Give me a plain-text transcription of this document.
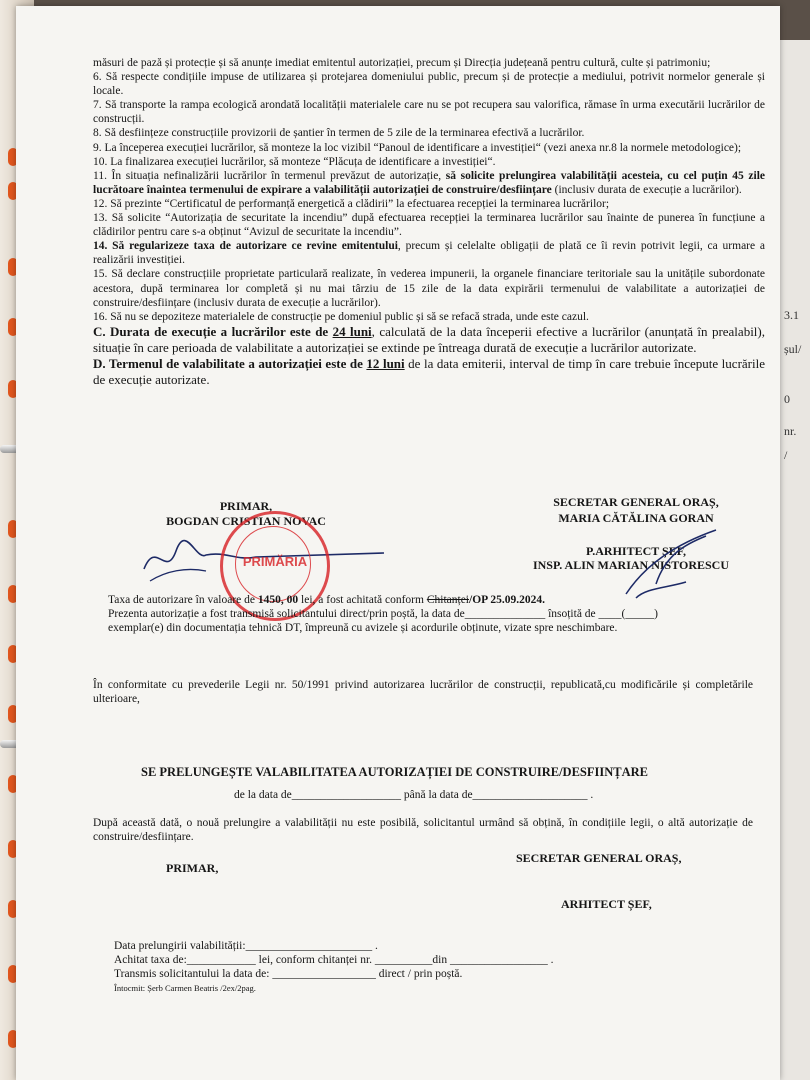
3.1
șul/
0
nr.
/

măsuri de pază și protecție și să anunțe imediat emitentul autorizației, precum și Direcția județeană pentru cultură, culte și patrimoniu;

6. Să respecte condițiile impuse de utilizarea și protejarea domeniului public, precum și de protecție a mediului, potrivit normelor generale și locale.

7. Să transporte la rampa ecologică arondată localității materialele care nu se pot recupera sau valorifica, rămase în urma executării lucrărilor de construcții.

8. Să desființeze construcțiile provizorii de șantier în termen de 5 zile de la terminarea efectivă a lucrărilor.

9. La începerea execuției lucrărilor, să monteze la loc vizibil “Panoul de identificare a investiției“ (vezi anexa nr.8 la normele metodologice);

10. La finalizarea execuției lucrărilor, să monteze “Plăcuța de identificare a investiției“.

11. În situația nefinalizării lucrărilor în termenul prevăzut de autorizație, să solicite prelungirea valabilității acesteia, cu cel puțin 45 zile lucrătoare înaintea termenului de expirare a valabilității autorizației de construire/desființare (inclusiv durata de execuție a lucrărilor).

12. Să prezinte “Certificatul de performanță energetică a clădirii” la efectuarea recepției la terminarea lucrărilor;

13. Să solicite “Autorizația de securitate la incendiu” după efectuarea recepției la terminarea lucrărilor sau înainte de punerea în funcțiune a clădirilor pentru care s-a obținut “Avizul de securitate la incendiu”.

14. Să regularizeze taxa de autorizare ce revine emitentului, precum și celelalte obligații de plată ce îi revin potrivit legii, ca urmare a realizării investiției.

15. Să declare construcțiile proprietate particulară realizate, în vederea impunerii, la organele financiare teritoriale sau la unitățile subordonate acestora, după terminarea lor completă și nu mai târziu de 15 zile de la data expirării termenului de valabilitate a autorizației de construire/desființare (inclusiv durata de execuție a lucrărilor).

16. Să nu se depoziteze materialele de construcție pe domeniul public și să se refacă strada, unde este cazul.

C. Durata de execuție a lucrărilor este de 24 luni, calculată de la data începerii efective a lucrărilor (anunțată în prealabil), situație în care perioada de valabilitate a autorizației se extinde pe întreaga durată de execuție a lucrărilor autorizate.

D. Termenul de valabilitate a autorizației este de 12 luni de la data emiterii, interval de timp în care trebuie începute lucrările de execuție autorizate.

PRIMAR,
BOGDAN CRISTIAN NOVAC
SECRETAR GENERAL ORAȘ,
MARIA CĂTĂLINA GORAN
P.ARHITECT ȘEF,
INSP. ALIN MARIAN NISTORESCU
PRIMĂRIA
Taxa de autorizare în valoare de 1450, 00 lei, a fost achitată conform Chitanței/OP 25.09.2024.
Prezenta autorizație a fost transmisă solicitantului direct/prin poștă, la data de______________ însoțită de ____(_____)
exemplar(e) din documentația tehnică DT, împreună cu avizele și acordurile obținute, vizate spre neschimbare.
În conformitate cu prevederile Legii nr. 50/1991 privind autorizarea lucrărilor de construcții, republicată,cu modificările și completările ulterioare,
SE PRELUNGEȘTE VALABILITATEA AUTORIZAȚIEI DE CONSTRUIRE/DESFIINȚARE
de la data de___________________ până la data de____________________ .
După această dată, o nouă prelungire a valabilității nu este posibilă, solicitantul urmând să obțină, în condițiile legii, o altă autorizație de construire/desființare.
PRIMAR,
SECRETAR GENERAL ORAȘ,
ARHITECT ȘEF,
Data prelungirii valabilității:______________________ .
Achitat taxa de:____________ lei, conform chitanței nr. __________din _________________ .
Transmis solicitantului la data de: __________________ direct / prin poștă.
Întocmit: Șerb Carmen Beatris /2ex/2pag.
